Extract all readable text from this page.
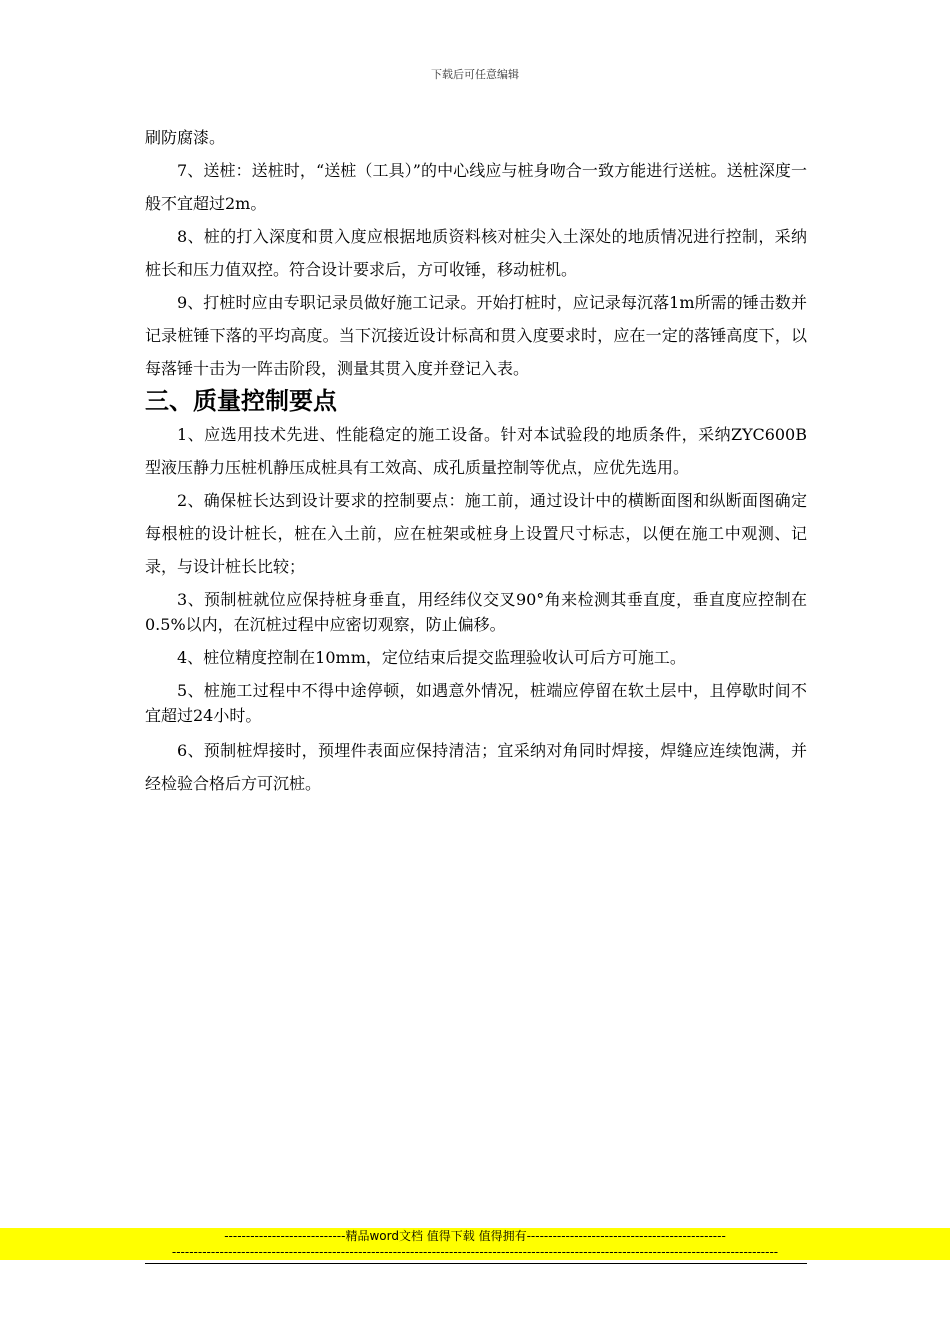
下载后可任意编辑

刷防腐漆。

7、送桩：送桩时，“送桩（工具）”的中心线应与桩身吻合一致方能进行送桩。送桩深度一般不宜超过2m。

8、桩的打入深度和贯入度应根据地质资料核对桩尖入土深处的地质情况进行控制，采纳桩长和压力值双控。符合设计要求后，方可收锤，移动桩机。

9、打桩时应由专职记录员做好施工记录。开始打桩时，应记录每沉落1m所需的锤击数并记录桩锤下落的平均高度。当下沉接近设计标高和贯入度要求时，应在一定的落锤高度下，以每落锤十击为一阵击阶段，测量其贯入度并登记入表。

三、质量控制要点

1、应选用技术先进、性能稳定的施工设备。针对本试验段的地质条件，采纳ZYC600B型液压静力压桩机静压成桩具有工效高、成孔质量控制等优点，应优先选用。

2、确保桩长达到设计要求的控制要点：施工前，通过设计中的横断面图和纵断面图确定每根桩的设计桩长，桩在入土前，应在桩架或桩身上设置尺寸标志，以便在施工中观测、记录，与设计桩长比较；

3、预制桩就位应保持桩身垂直，用经纬仪交叉90°角来检测其垂直度，垂直度应控制在0.5%以内，在沉桩过程中应密切观察，防止偏移。

4、桩位精度控制在10mm，定位结束后提交监理验收认可后方可施工。

5、桩施工过程中不得中途停顿，如遇意外情况，桩端应停留在软土层中，且停歇时间不宜超过24小时。

6、预制桩焊接时，预埋件表面应保持清洁；宜采纳对角同时焊接，焊缝应连续饱满，并经检验合格后方可沉桩。

----------------------------精品word文档 值得下载 值得拥有----------------------------------------------
--------------------------------------------------------------------------------------------------------------------------------------------
